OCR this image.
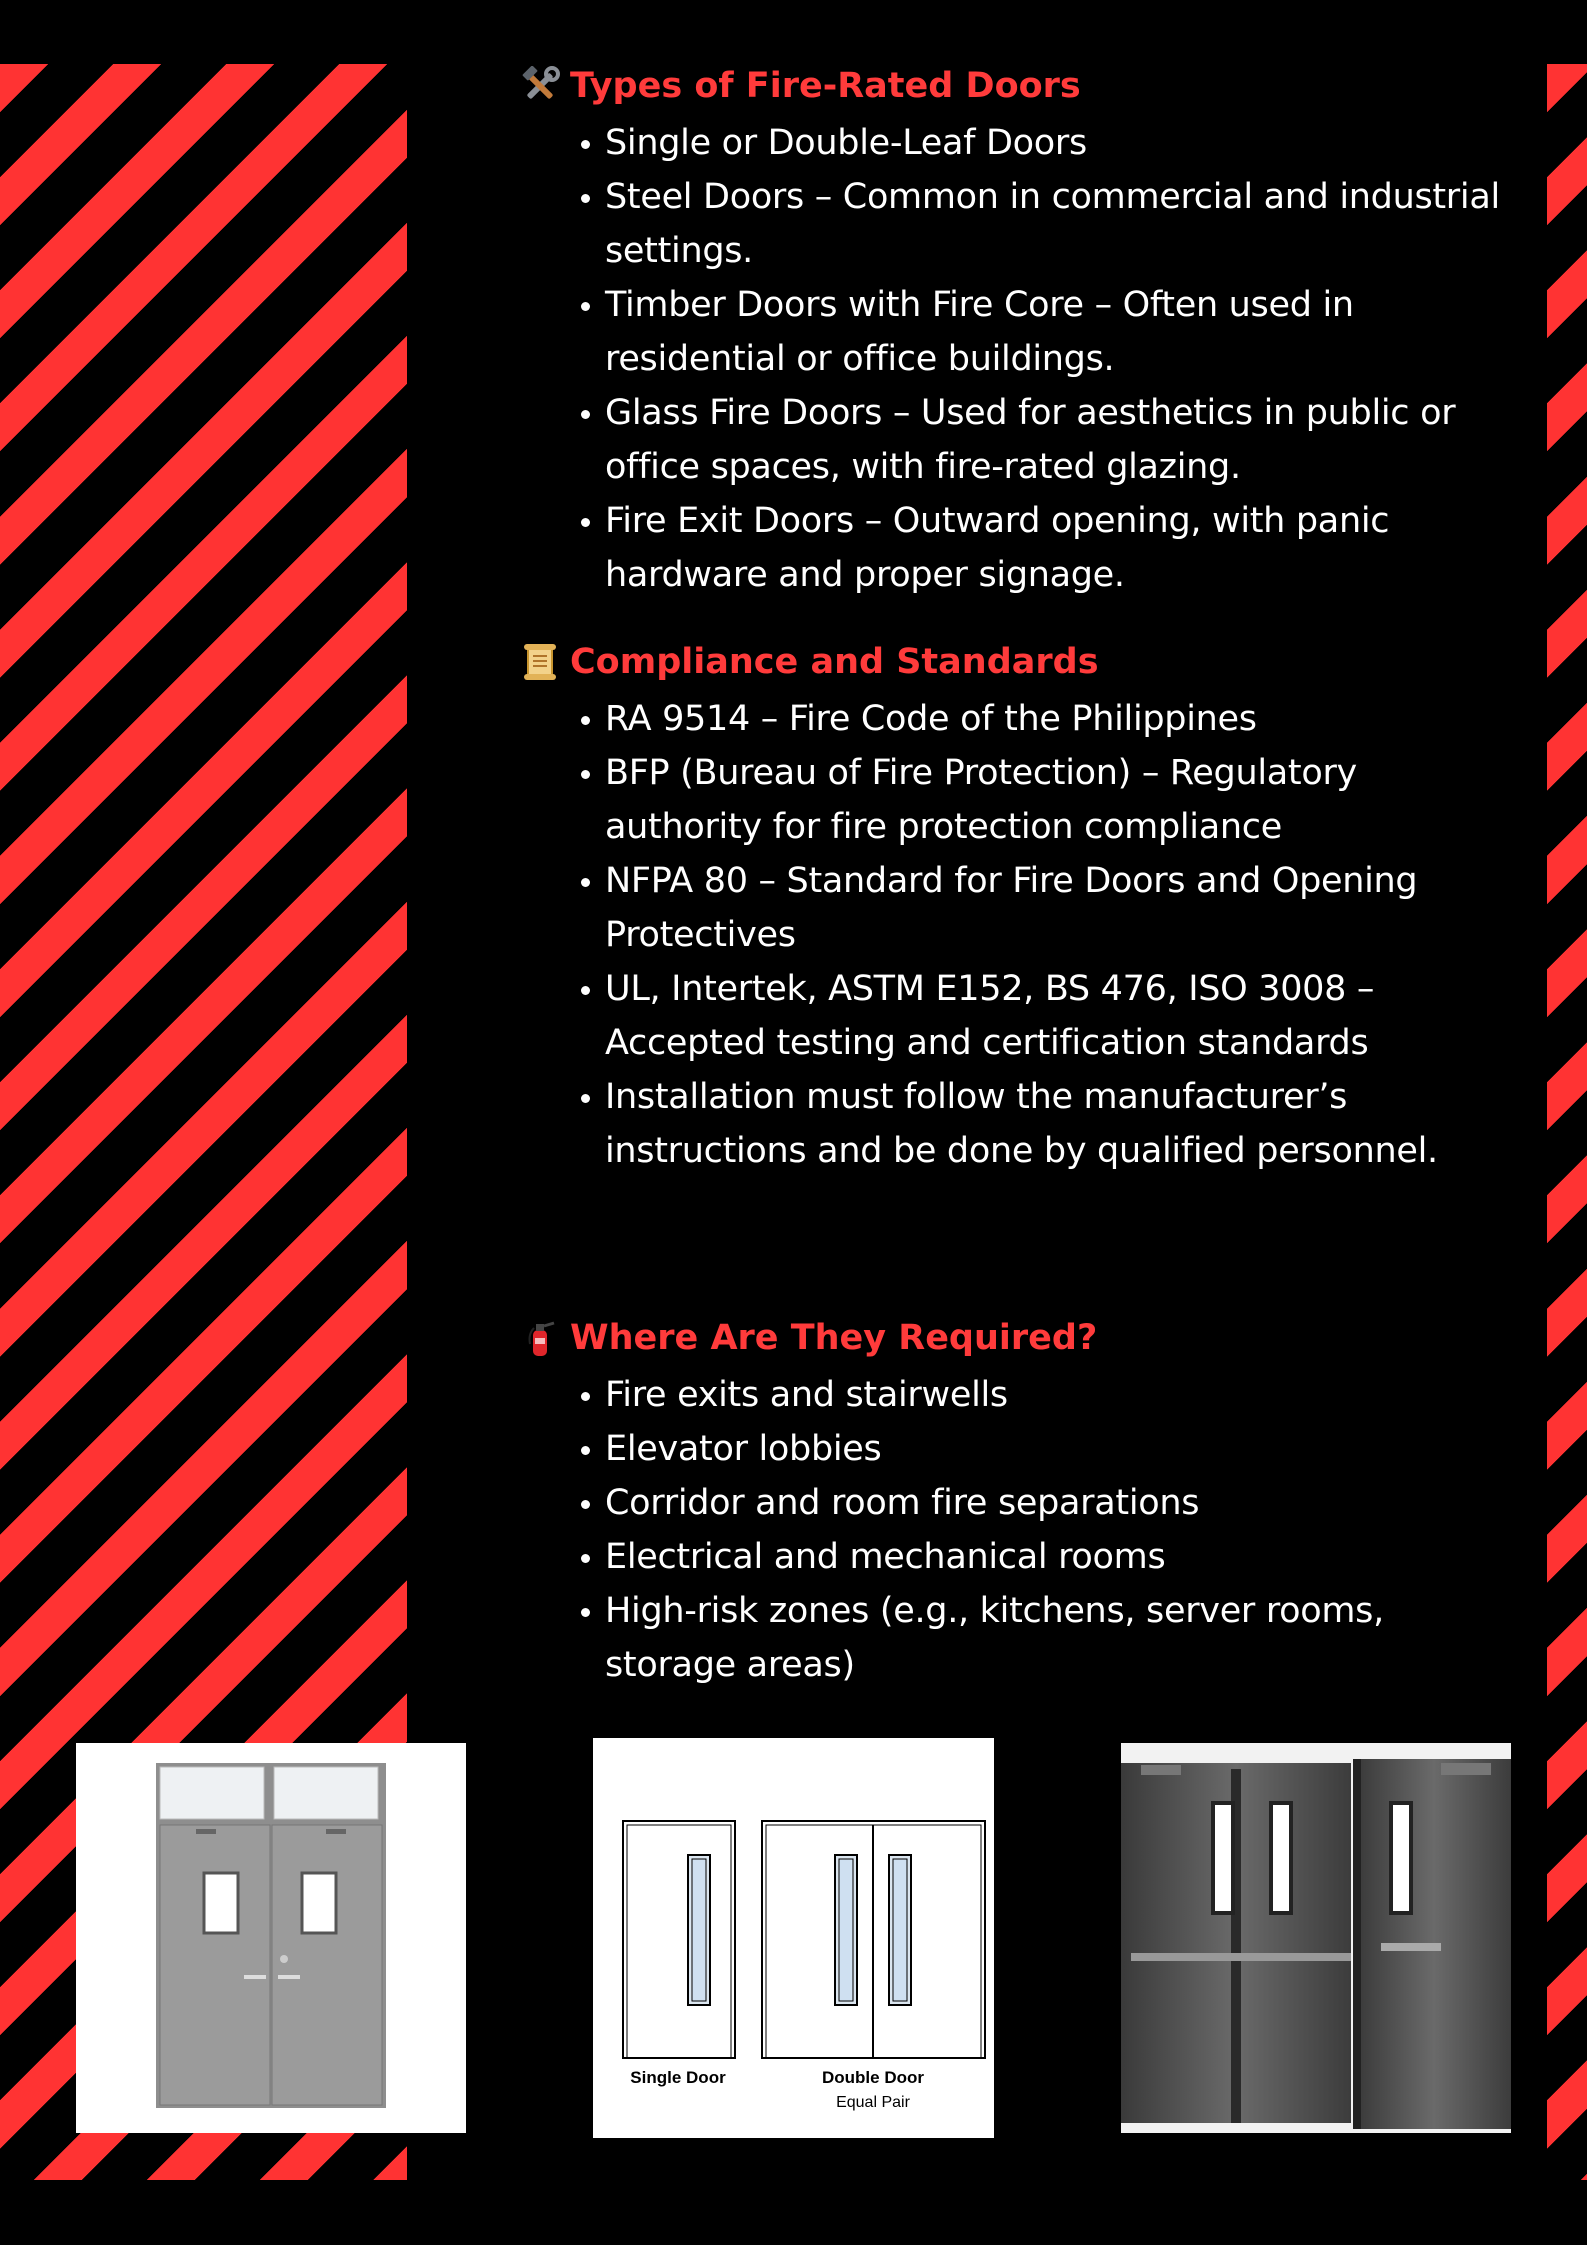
Types of Fire-Rated Doors
Single or Double-Leaf Doors
Steel Doors – Common in commercial and industrial settings.
Timber Doors with Fire Core – Often used in residential or office buildings.
Glass Fire Doors – Used for aesthetics in public or office spaces, with fire-rated glazing.
Fire Exit Doors – Outward opening, with panic hardware and proper signage.
Compliance and Standards
RA 9514 – Fire Code of the Philippines
BFP (Bureau of Fire Protection) – Regulatory authority for fire protection compliance
NFPA 80 – Standard for Fire Doors and Opening Protectives
UL, Intertek, ASTM E152, BS 476, ISO 3008 – Accepted testing and certification standards
Installation must follow the manufacturer’s instructions and be done by qualified personnel.
Where Are They Required?
Fire exits and stairwells
Elevator lobbies
Corridor and room fire separations
Electrical and mechanical rooms
High-risk zones (e.g., kitchens, server rooms, storage areas)
Single Door	Double Door
Equal Pair
